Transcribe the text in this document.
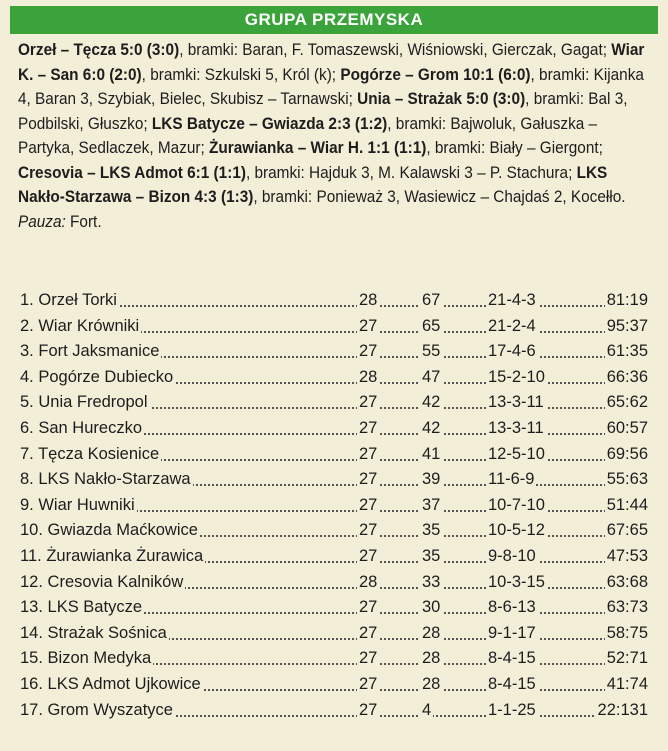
GRUPA PRZEMYSKA
Orzeł – Tęcza 5:0 (3:0), bramki: Baran, F. Tomaszewski, Wiśniowski, Gierczak, Gagat; Wiar K. – San 6:0 (2:0), bramki: Szkulski 5, Król (k); Pogórze – Grom 10:1 (6:0), bramki: Kijanka 4, Baran 3, Szybiak, Bielec, Skubisz – Tarnawski; Unia – Strażak 5:0 (3:0), bramki: Bal 3, Podbilski, Głuszko; LKS Batycze – Gwiazda 2:3 (1:2), bramki: Bajwoluk, Gałuszka – Partyka, Sedlaczek, Mazur; Żurawianka – Wiar H. 1:1 (1:1), bramki: Biały – Giergont; Cresovia – LKS Admot 6:1 (1:1), bramki: Hajduk 3, M. Kalawski 3 – P. Stachura; LKS Nakło-Starzawa – Bizon 4:3 (1:3), bramki: Ponieważ 3, Wasiewicz – Chajdaś 2, Kocełło. Pauza: Fort.
1. Orzeł Torki	28	67	21-4-3	81:19
2. Wiar Krówniki	27	65	21-2-4	95:37
3. Fort Jaksmanice	27	55	17-4-6	61:35
4. Pogórze Dubiecko	28	47	15-2-10	66:36
5. Unia Fredropol	27	42	13-3-11	65:62
6. San Hureczko	27	42	13-3-11	60:57
7. Tęcza Kosienice	27	41	12-5-10	69:56
8. LKS Nakło-Starzawa	27	39	11-6-9	55:63
9. Wiar Huwniki	27	37	10-7-10	51:44
10. Gwiazda Maćkowice	27	35	10-5-12	67:65
11. Żurawianka Żurawica	27	35	9-8-10	47:53
12. Cresovia Kalników	28	33	10-3-15	63:68
13. LKS Batycze	27	30	8-6-13	63:73
14. Strażak Sośnica	27	28	9-1-17	58:75
15. Bizon Medyka	27	28	8-4-15	52:71
16. LKS Admot Ujkowice	27	28	8-4-15	41:74
17. Grom Wyszatyce	27	4	1-1-25	22:131
